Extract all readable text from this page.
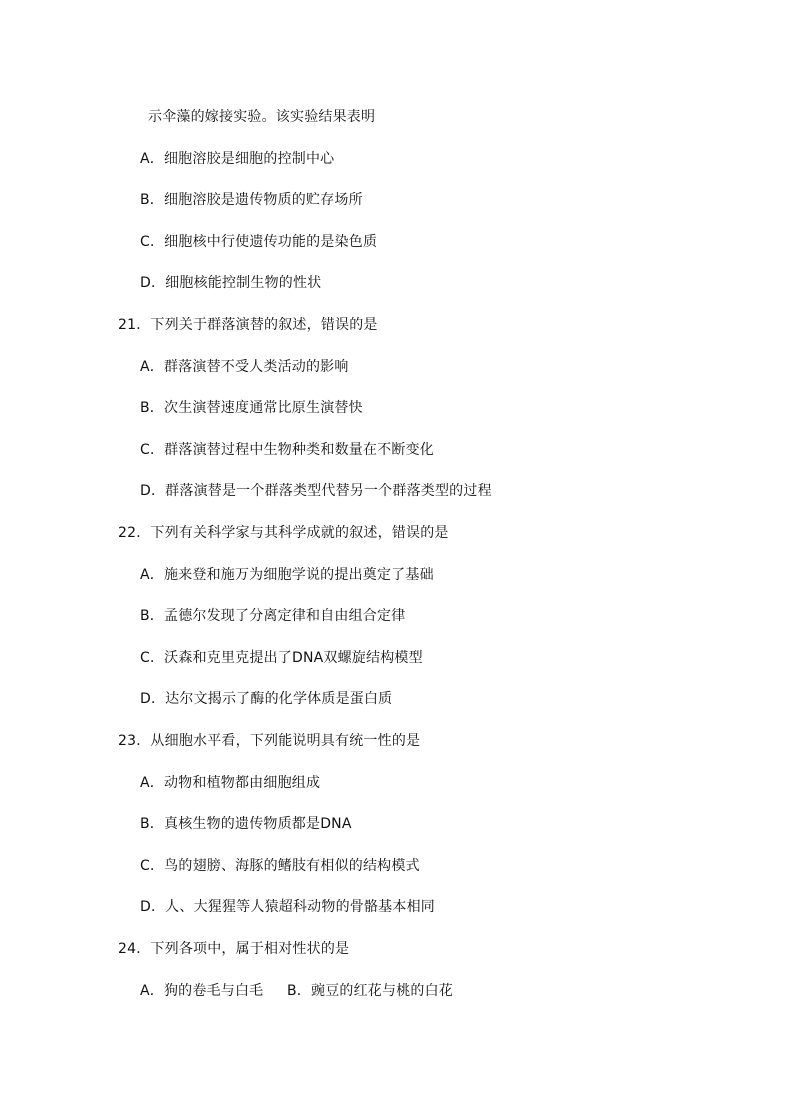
示伞藻的嫁接实验。该实验结果表明
A．细胞溶胶是细胞的控制中心
B．细胞溶胶是遗传物质的贮存场所
C．细胞核中行使遗传功能的是染色质
D．细胞核能控制生物的性状
21．下列关于群落演替的叙述，错误的是
A．群落演替不受人类活动的影响
B．次生演替速度通常比原生演替快
C．群落演替过程中生物种类和数量在不断变化
D．群落演替是一个群落类型代替另一个群落类型的过程
22．下列有关科学家与其科学成就的叙述，错误的是
A．施来登和施万为细胞学说的提出奠定了基础
B．孟德尔发现了分离定律和自由组合定律
C．沃森和克里克提出了DNA双螺旋结构模型
D．达尔文揭示了酶的化学体质是蛋白质
23．从细胞水平看，下列能说明具有统一性的是
A．动物和植物都由细胞组成
B．真核生物的遗传物质都是DNA
C．鸟的翅膀、海豚的鳍肢有相似的结构模式
D．人、大猩猩等人猿超科动物的骨骼基本相同
24．下列各项中，属于相对性状的是
A．狗的卷毛与白毛 B．豌豆的红花与桃的白花
